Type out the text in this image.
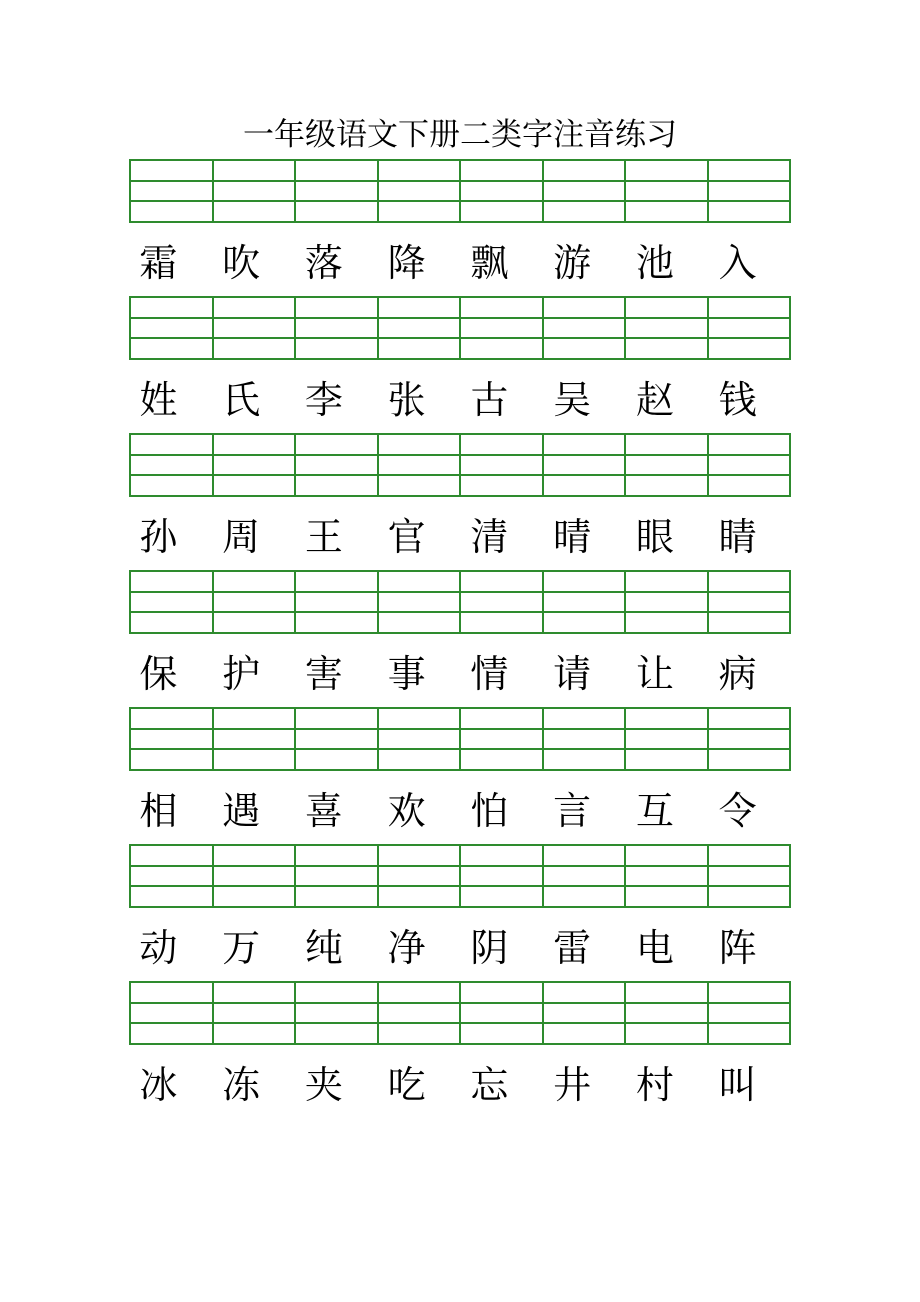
一年级语文下册二类字注音练习
霜	吹	落	降	飘	游	池	入
姓	氏	李	张	古	吴	赵	钱
孙	周	王	官	清	晴	眼	睛
保	护	害	事	情	请	让	病
相	遇	喜	欢	怕	言	互	令
动	万	纯	净	阴	雷	电	阵
冰	冻	夹	吃	忘	井	村	叫
